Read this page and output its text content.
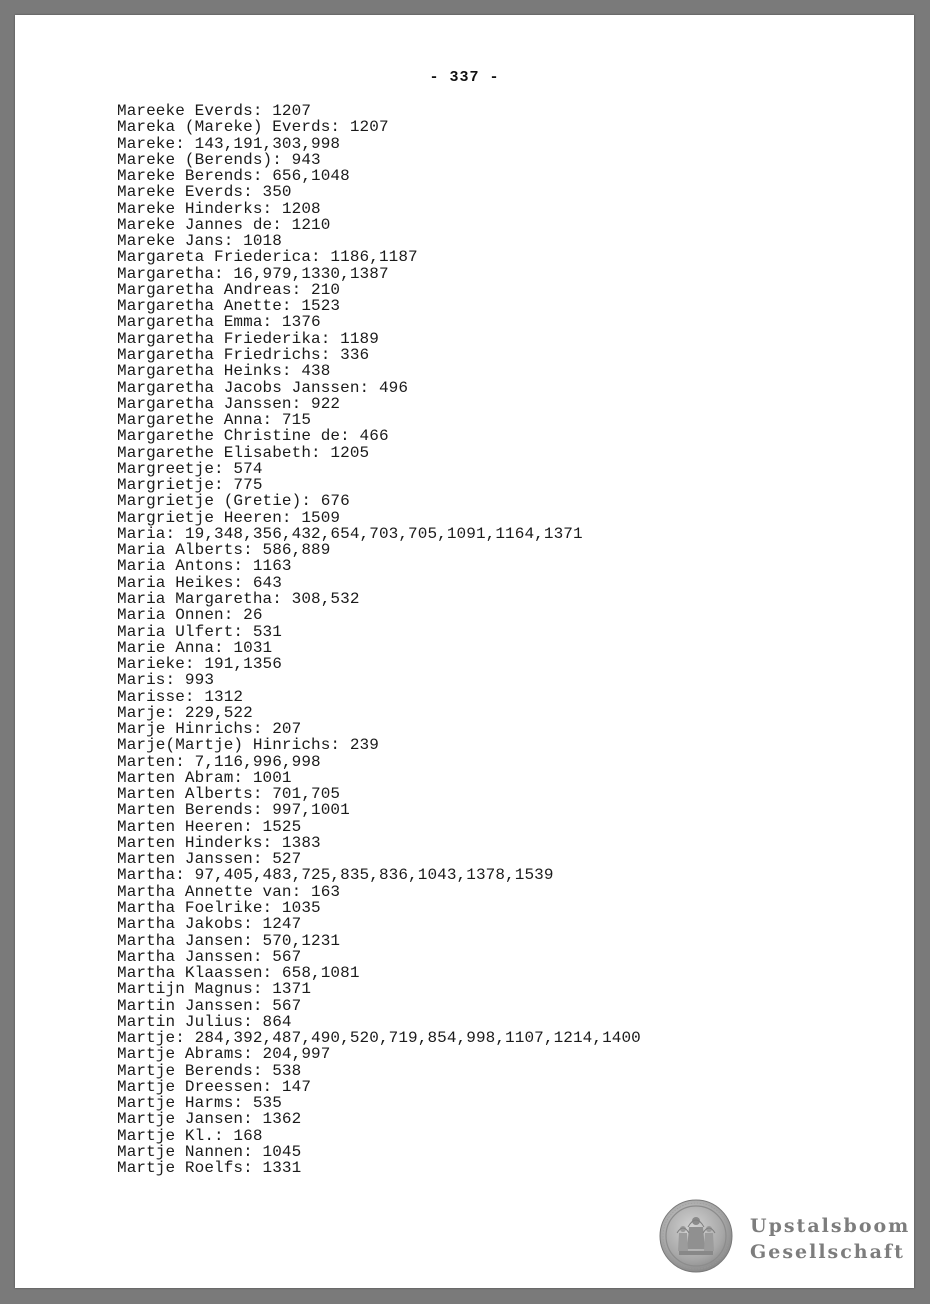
- 337 -
Mareeke Everds: 1207
Mareka (Mareke) Everds: 1207
Mareke: 143,191,303,998
Mareke (Berends): 943
Mareke Berends: 656,1048
Mareke Everds: 350
Mareke Hinderks: 1208
Mareke Jannes de: 1210
Mareke Jans: 1018
Margareta Friederica: 1186,1187
Margaretha: 16,979,1330,1387
Margaretha Andreas: 210
Margaretha Anette: 1523
Margaretha Emma: 1376
Margaretha Friederika: 1189
Margaretha Friedrichs: 336
Margaretha Heinks: 438
Margaretha Jacobs Janssen: 496
Margaretha Janssen: 922
Margarethe Anna: 715
Margarethe Christine de: 466
Margarethe Elisabeth: 1205
Margreetje: 574
Margrietje: 775
Margrietje (Gretie): 676
Margrietje Heeren: 1509
Maria: 19,348,356,432,654,703,705,1091,1164,1371
Maria Alberts: 586,889
Maria Antons: 1163
Maria Heikes: 643
Maria Margaretha: 308,532
Maria Onnen: 26
Maria Ulfert: 531
Marie Anna: 1031
Marieke: 191,1356
Maris: 993
Marisse: 1312
Marje: 229,522
Marje Hinrichs: 207
Marje(Martje) Hinrichs: 239
Marten: 7,116,996,998
Marten Abram: 1001
Marten Alberts: 701,705
Marten Berends: 997,1001
Marten Heeren: 1525
Marten Hinderks: 1383
Marten Janssen: 527
Martha: 97,405,483,725,835,836,1043,1378,1539
Martha Annette van: 163
Martha Foelrike: 1035
Martha Jakobs: 1247
Martha Jansen: 570,1231
Martha Janssen: 567
Martha Klaassen: 658,1081
Martijn Magnus: 1371
Martin Janssen: 567
Martin Julius: 864
Martje: 284,392,487,490,520,719,854,998,1107,1214,1400
Martje Abrams: 204,997
Martje Berends: 538
Martje Dreessen: 147
Martje Harms: 535
Martje Jansen: 1362
Martje Kl.: 168
Martje Nannen: 1045
Martje Roelfs: 1331
Upstalsboom
Gesellschaft
